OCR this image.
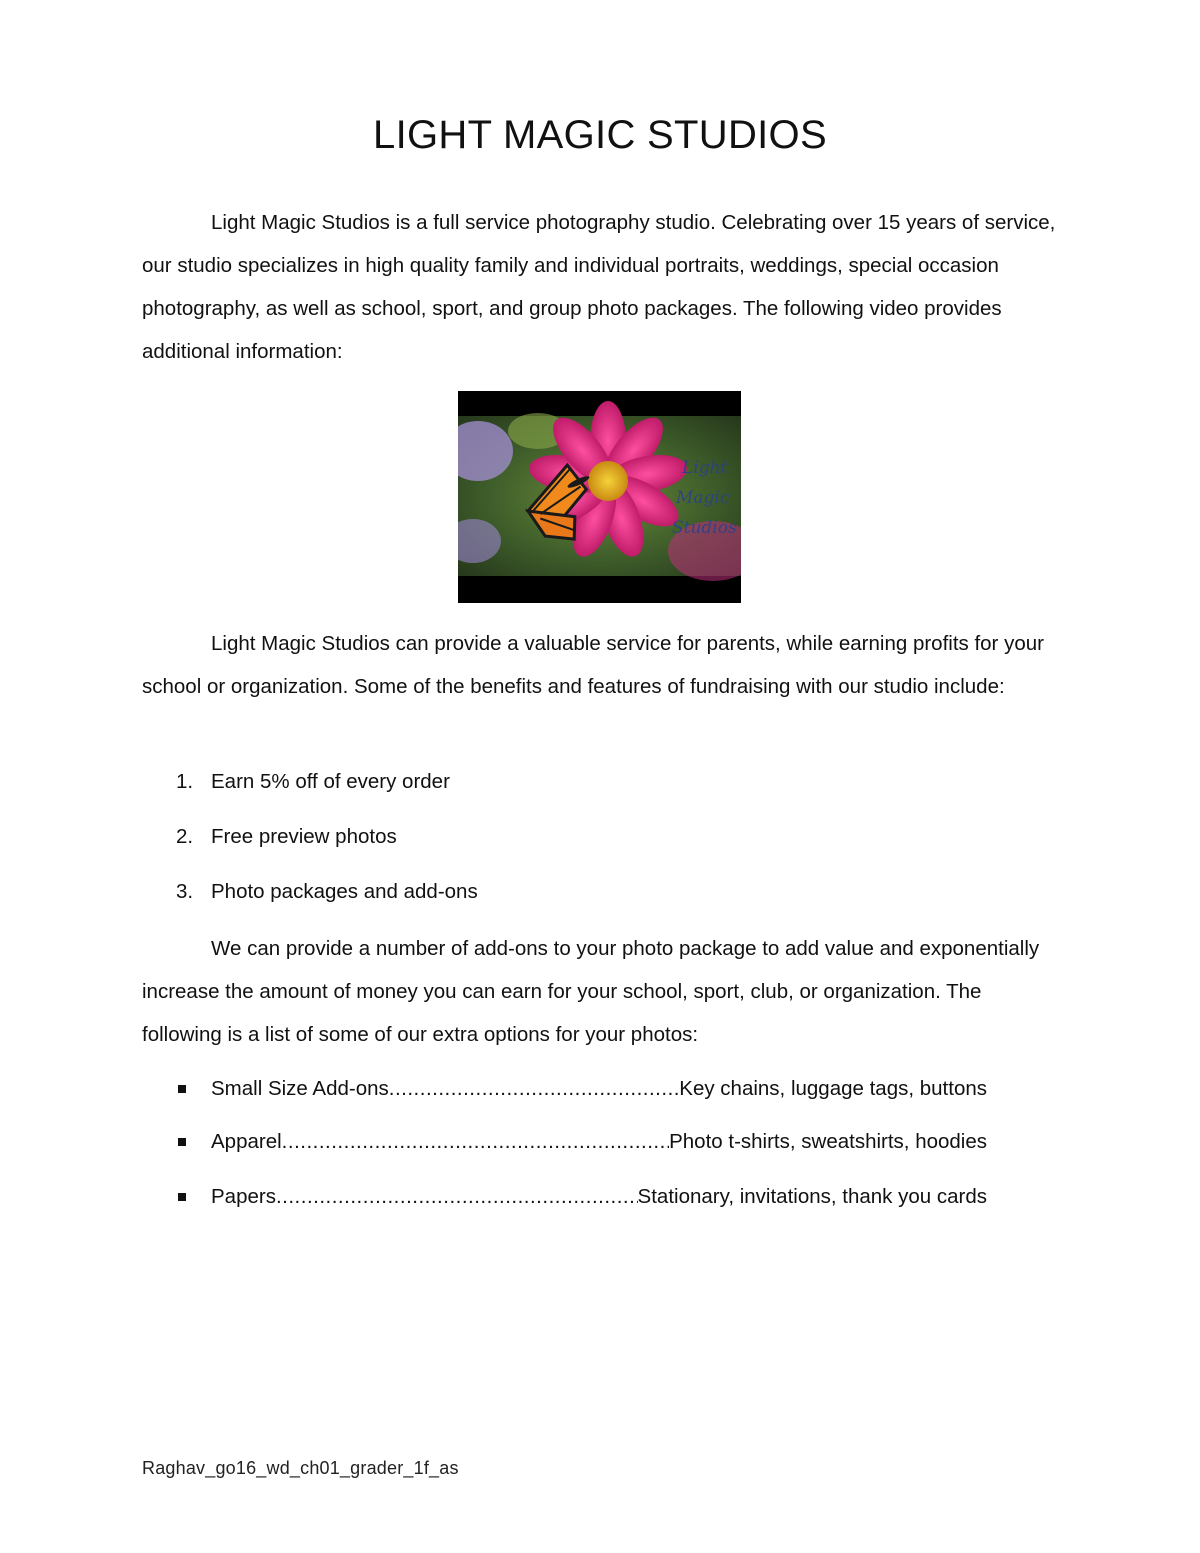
LIGHT MAGIC STUDIOS

Light Magic Studios is a full service photography studio. Celebrating over 15 years of service, our studio specializes in high quality family and individual portraits, weddings, special occasion photography, as well as school, sport, and group photo packages. The following video provides additional information:

Light
Magic
Studios

Light Magic Studios can provide a valuable service for parents, while earning profits for your school or organization. Some of the benefits and features of fundraising with our studio include:

1. Earn 5% off of every order
2. Free preview photos
3. Photo packages and add-ons

We can provide a number of add-ons to your photo package to add value and exponentially increase the amount of money you can earn for your school, sport, club, or organization. The following is a list of some of our extra options for your photos:

Small Size Add-ons .....	Key chains, luggage tags, buttons
Apparel .....	Photo t-shirts, sweatshirts, hoodies
Papers .....	Stationary, invitations, thank you cards
Raghav_go16_wd_ch01_grader_1f_as
